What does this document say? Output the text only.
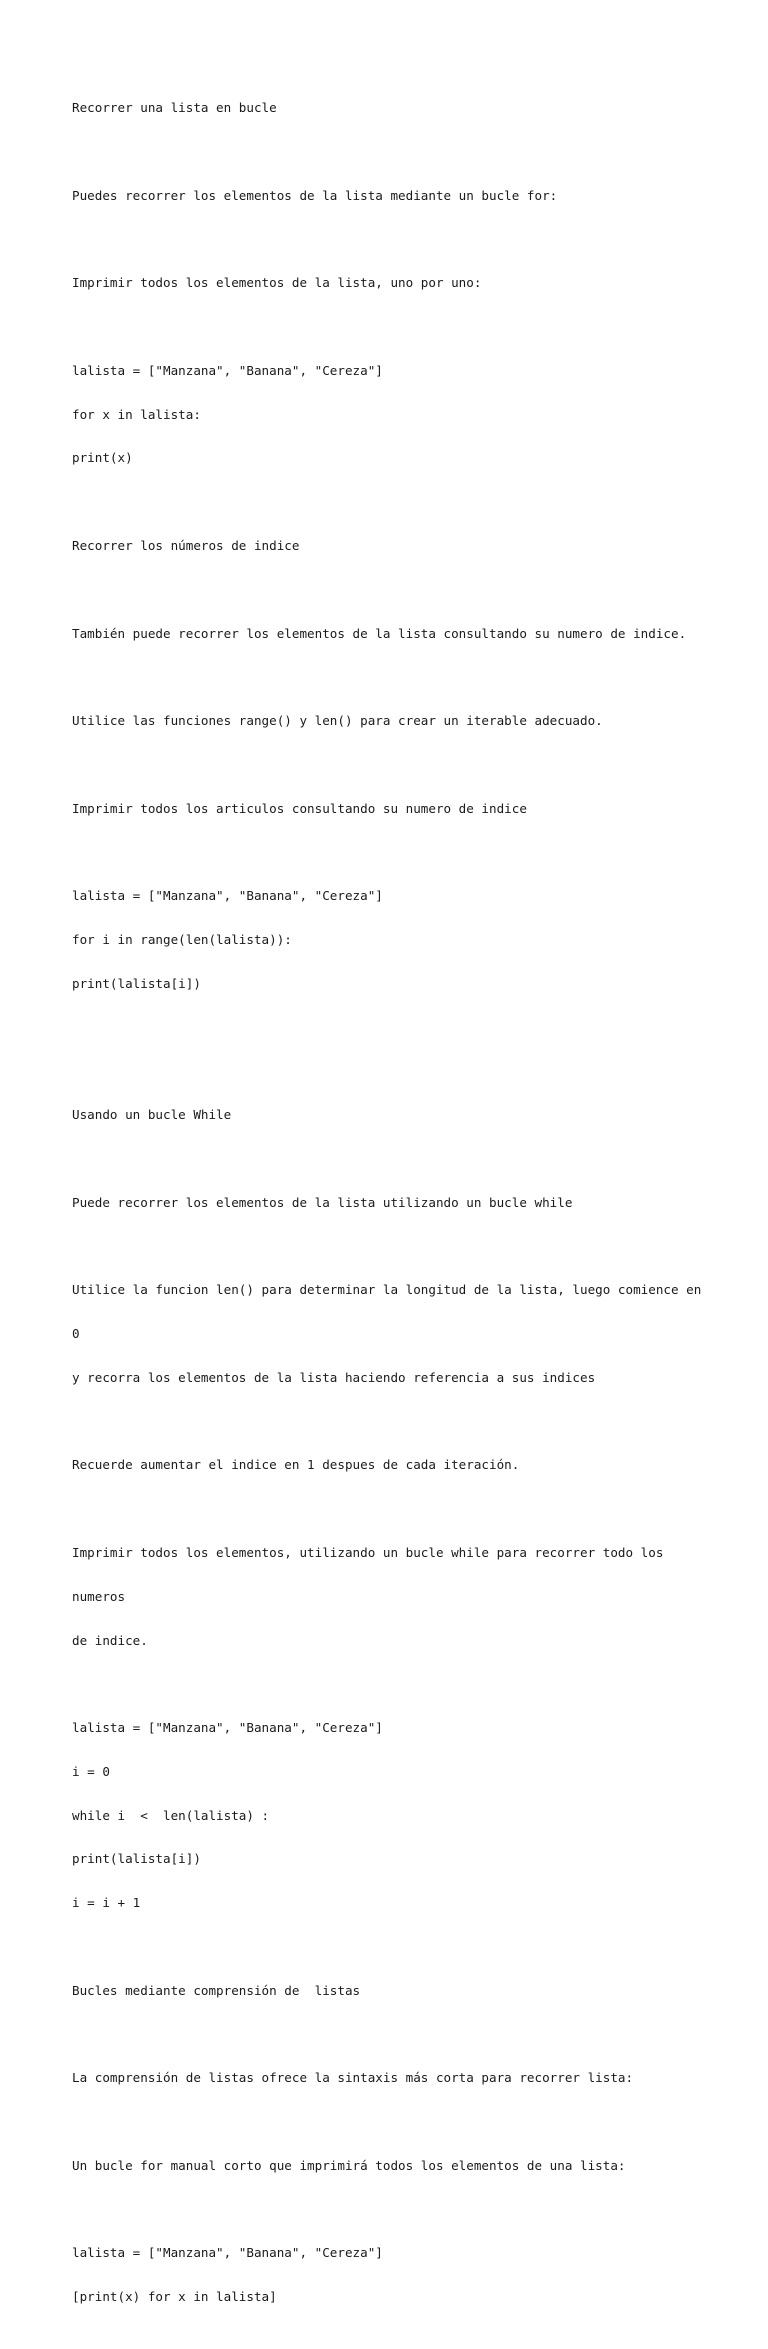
Recorrer una lista en bucle

Puedes recorrer los elementos de la lista mediante un bucle for:

Imprimir todos los elementos de la lista, uno por uno:

lalista = ["Manzana", "Banana", "Cereza"]

for x in lalista:

print(x)

Recorrer los números de indice

También puede recorrer los elementos de la lista consultando su numero de indice.

Utilice las funciones range() y len() para crear un iterable adecuado.

Imprimir todos los articulos consultando su numero de indice

lalista = ["Manzana", "Banana", "Cereza"]

for i in range(len(lalista)):

print(lalista[i])

Usando un bucle While

Puede recorrer los elementos de la lista utilizando un bucle while

Utilice la funcion len() para determinar la longitud de la lista, luego comience en

0

y recorra los elementos de la lista haciendo referencia a sus indices

Recuerde aumentar el indice en 1 despues de cada iteración.

Imprimir todos los elementos, utilizando un bucle while para recorrer todo los

numeros

de indice.

lalista = ["Manzana", "Banana", "Cereza"]

i = 0

while i  <  len(lalista) :

print(lalista[i])

i = i + 1

Bucles mediante comprensión de  listas

La comprensión de listas ofrece la sintaxis más corta para recorrer lista:

Un bucle for manual corto que imprimirá todos los elementos de una lista:

lalista = ["Manzana", "Banana", "Cereza"]

[print(x) for x in lalista]
